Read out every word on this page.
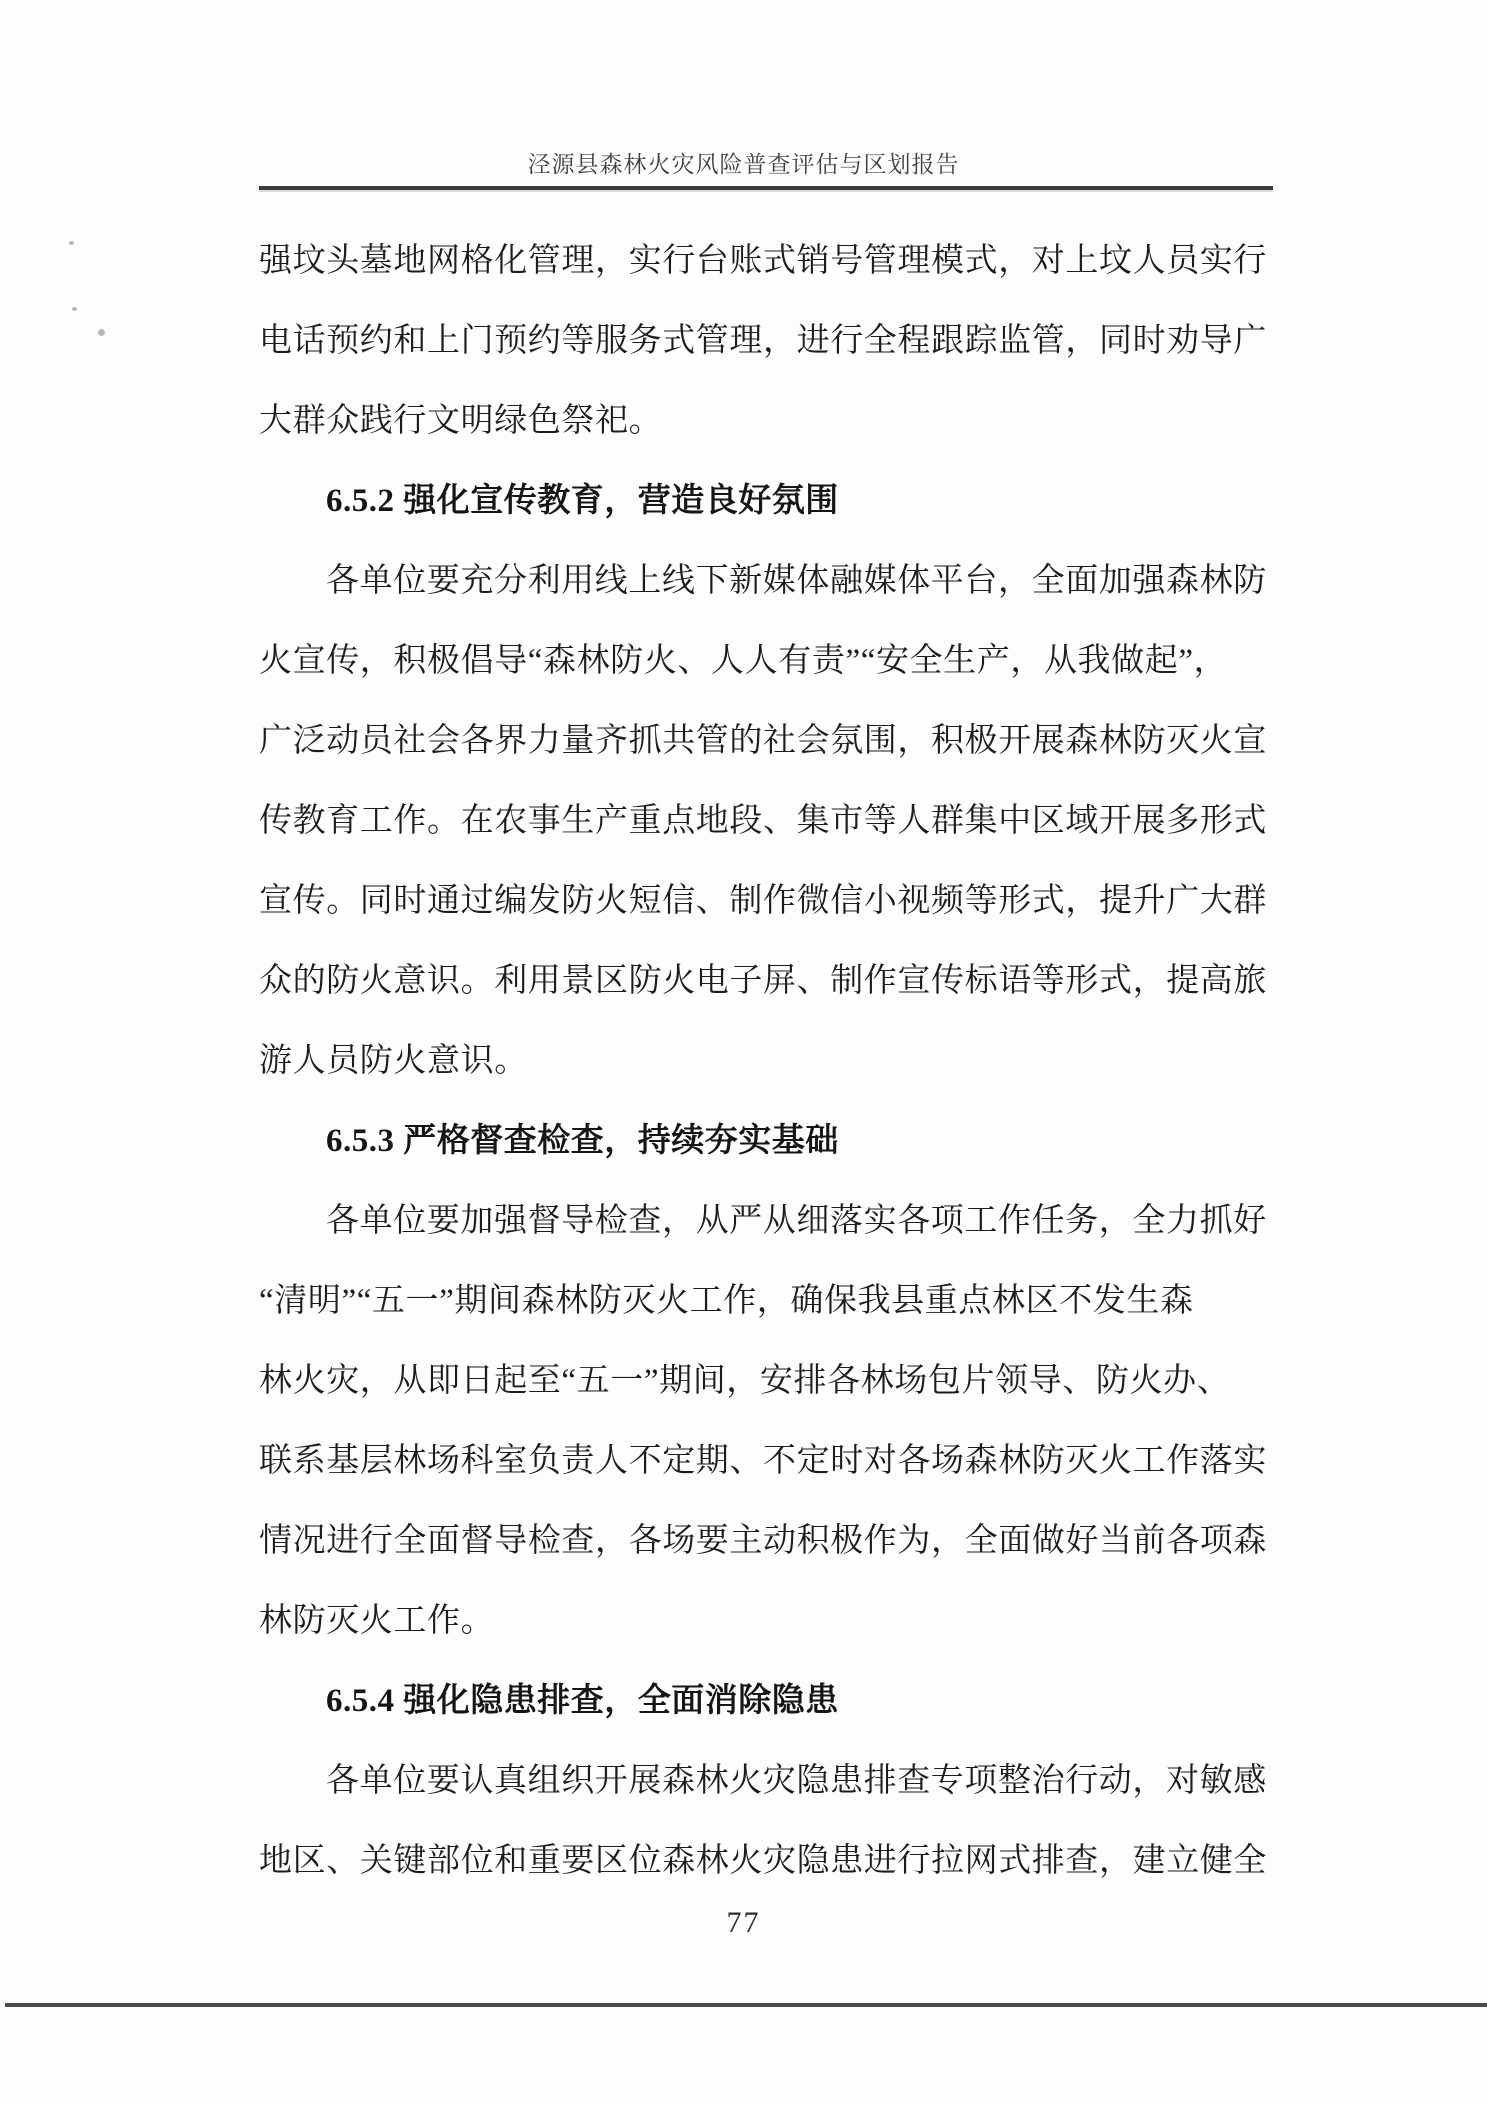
泾源县森林火灾风险普查评估与区划报告
强坟头墓地网格化管理，实行台账式销号管理模式，对上坟人员实行
电话预约和上门预约等服务式管理，进行全程跟踪监管，同时劝导广
大群众践行文明绿色祭祀。
6.5.2 强化宣传教育，营造良好氛围
各单位要充分利用线上线下新媒体融媒体平台，全面加强森林防
火宣传，积极倡导“森林防火、人人有责”“安全生产，从我做起”，
广泛动员社会各界力量齐抓共管的社会氛围，积极开展森林防灭火宣
传教育工作。在农事生产重点地段、集市等人群集中区域开展多形式
宣传。同时通过编发防火短信、制作微信小视频等形式，提升广大群
众的防火意识。利用景区防火电子屏、制作宣传标语等形式，提高旅
游人员防火意识。
6.5.3 严格督查检查，持续夯实基础
各单位要加强督导检查，从严从细落实各项工作任务，全力抓好
“清明”“五一”期间森林防灭火工作，确保我县重点林区不发生森
林火灾，从即日起至“五一”期间，安排各林场包片领导、防火办、
联系基层林场科室负责人不定期、不定时对各场森林防灭火工作落实
情况进行全面督导检查，各场要主动积极作为，全面做好当前各项森
林防灭火工作。
6.5.4 强化隐患排查，全面消除隐患
各单位要认真组织开展森林火灾隐患排查专项整治行动，对敏感
地区、关键部位和重要区位森林火灾隐患进行拉网式排查，建立健全
77
